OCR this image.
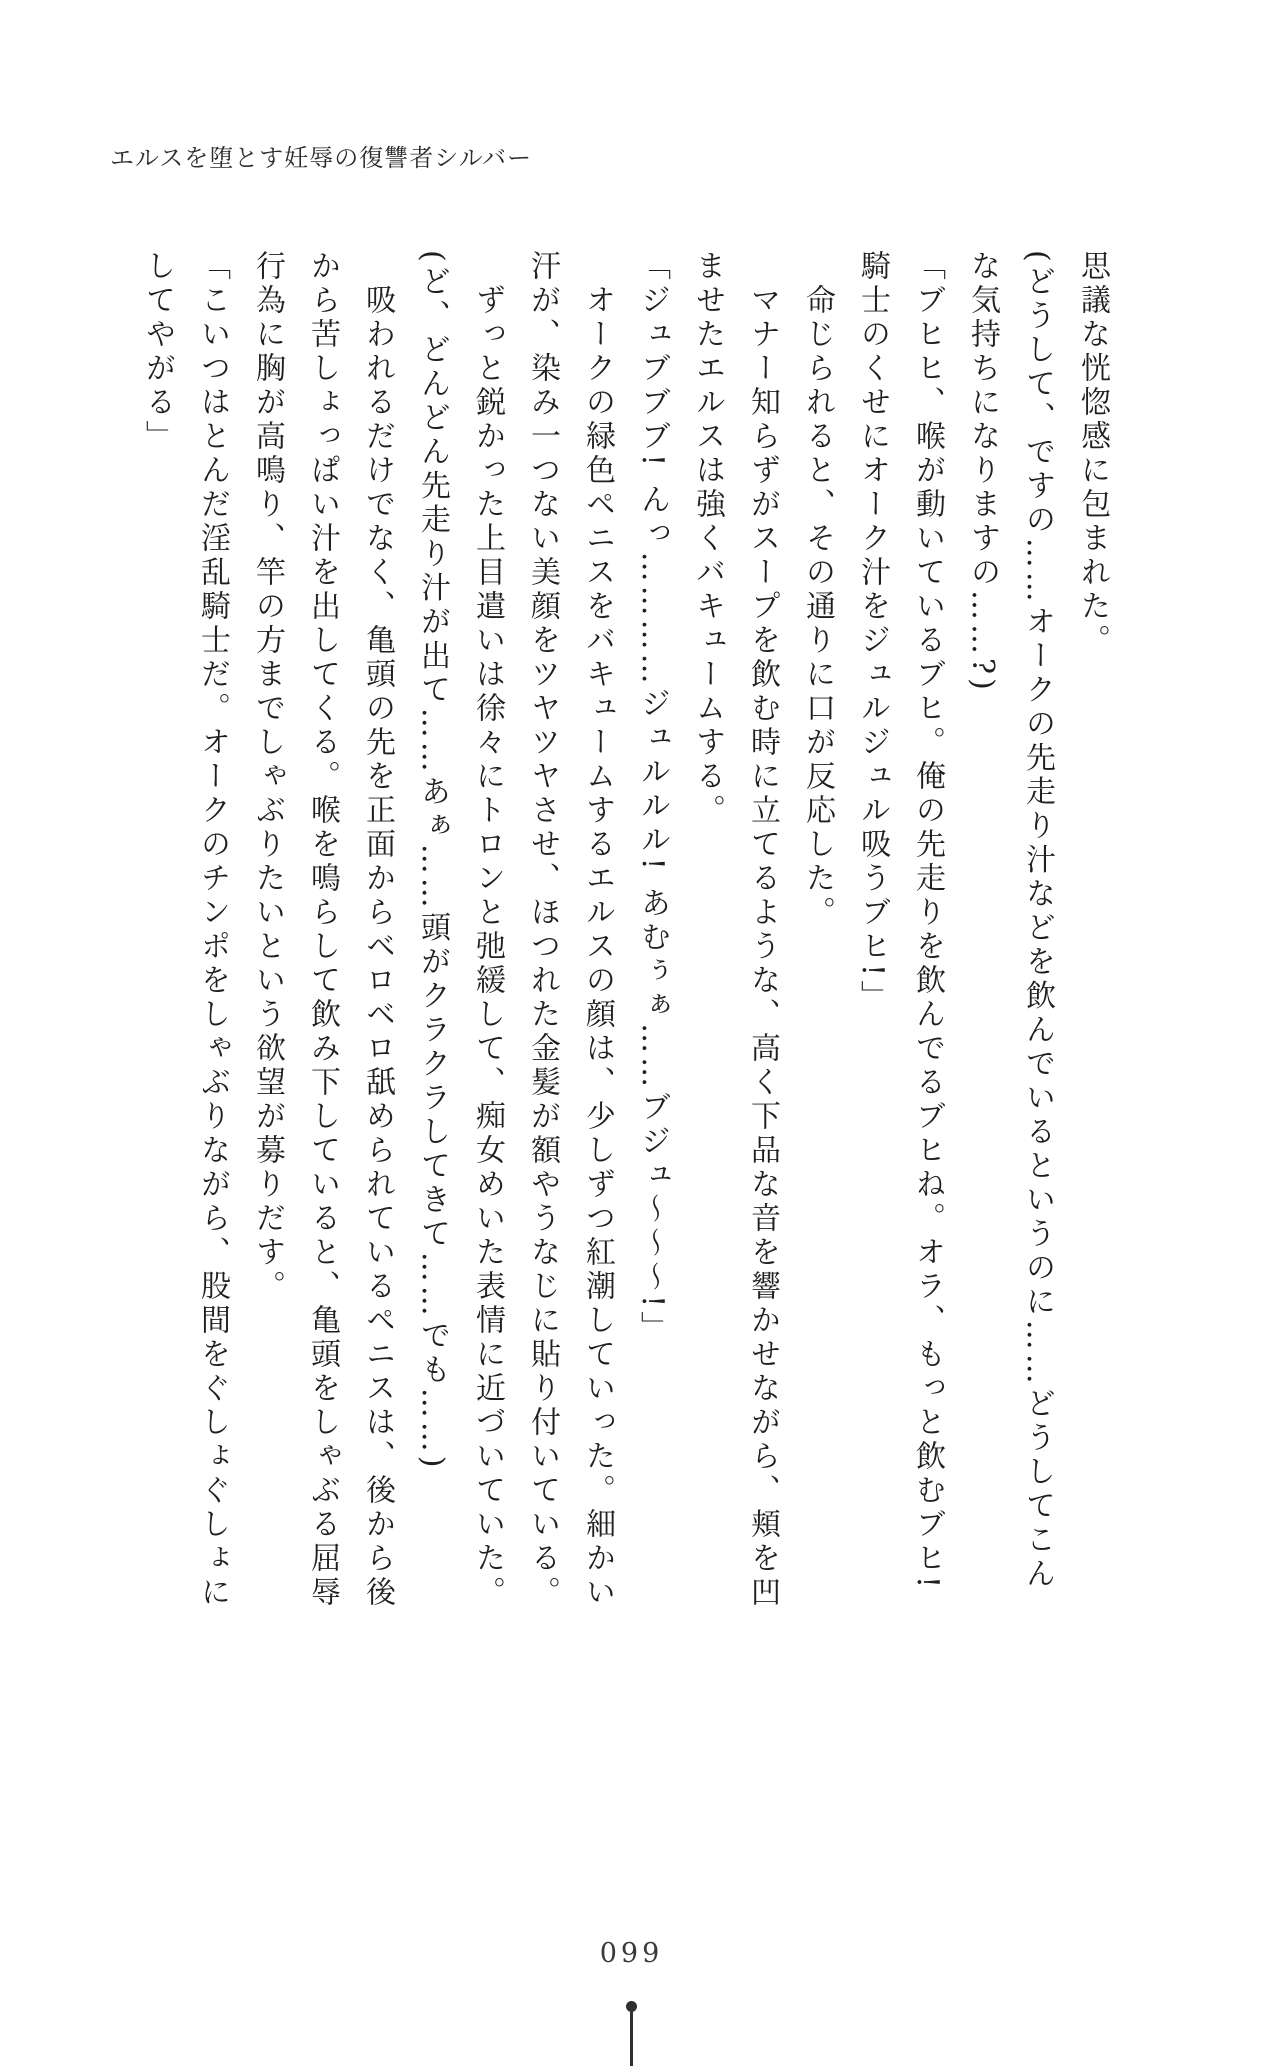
エルスを堕とす妊辱の復讐者シルバー
思議な恍惚感に包まれた。
(どうして、ですの……オークの先走り汁などを飲んでいるというのに……どうしてこん
な気持ちになりますの……?)
「ブヒヒ、喉が動いているブヒ。俺の先走りを飲んでるブヒね。オラ、もっと飲むブヒ!
騎士のくせにオーク汁をジュルジュル吸うブヒ!」
命じられると、その通りに口が反応した。
マナー知らずがスープを飲む時に立てるような、高く下品な音を響かせながら、頬を凹
ませたエルスは強くバキュームする。
「ジュブブブ! んっ…………ジュルルル! あむぅぁ……ブジュ〜〜〜!」
オークの緑色ペニスをバキュームするエルスの顔は、少しずつ紅潮していった。細かい
汗が、染み一つない美顔をツヤツヤさせ、ほつれた金髪が額やうなじに貼り付いている。
ずっと鋭かった上目遣いは徐々にトロンと弛緩して、痴女めいた表情に近づいていた。
(ど、どんどん先走り汁が出て……あぁ……頭がクラクラしてきて……でも……)
吸われるだけでなく、亀頭の先を正面からベロベロ舐められているペニスは、後から後
から苦しょっぱい汁を出してくる。喉を鳴らして飲み下していると、亀頭をしゃぶる屈辱
行為に胸が高鳴り、竿の方までしゃぶりたいという欲望が募りだす。
「こいつはとんだ淫乱騎士だ。オークのチンポをしゃぶりながら、股間をぐしょぐしょに
してやがる」
099
